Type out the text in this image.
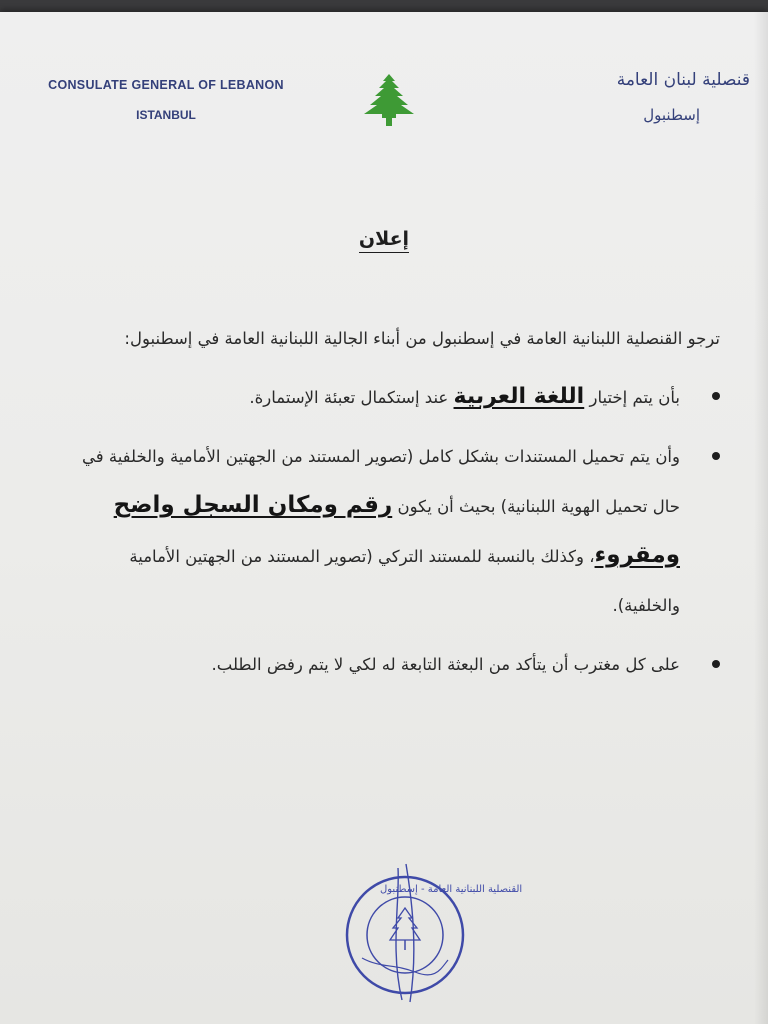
CONSULATE GENERAL OF LEBANON
ISTANBUL
قنصلية لبنان العامة
إسطنبول
إعلان

ترجو القنصلية اللبنانية العامة في إسطنبول من أبناء الجالية اللبنانية العامة في إسطنبول:

بأن يتم إختيار اللغة العربية عند إستكمال تعبئة الإستمارة.
وأن يتم تحميل المستندات بشكل كامل (تصوير المستند من الجهتين الأمامية والخلفية في حال تحميل الهوية اللبنانية) بحيث أن يكون رقم ومكان السجل واضح ومقروء، وكذلك بالنسبة للمستند التركي (تصوير المستند من الجهتين الأمامية والخلفية).
على كل مغترب أن يتأكد من البعثة التابعة له لكي لا يتم رفض الطلب.
القنصلية اللبنانية العامة - إسطنبول
